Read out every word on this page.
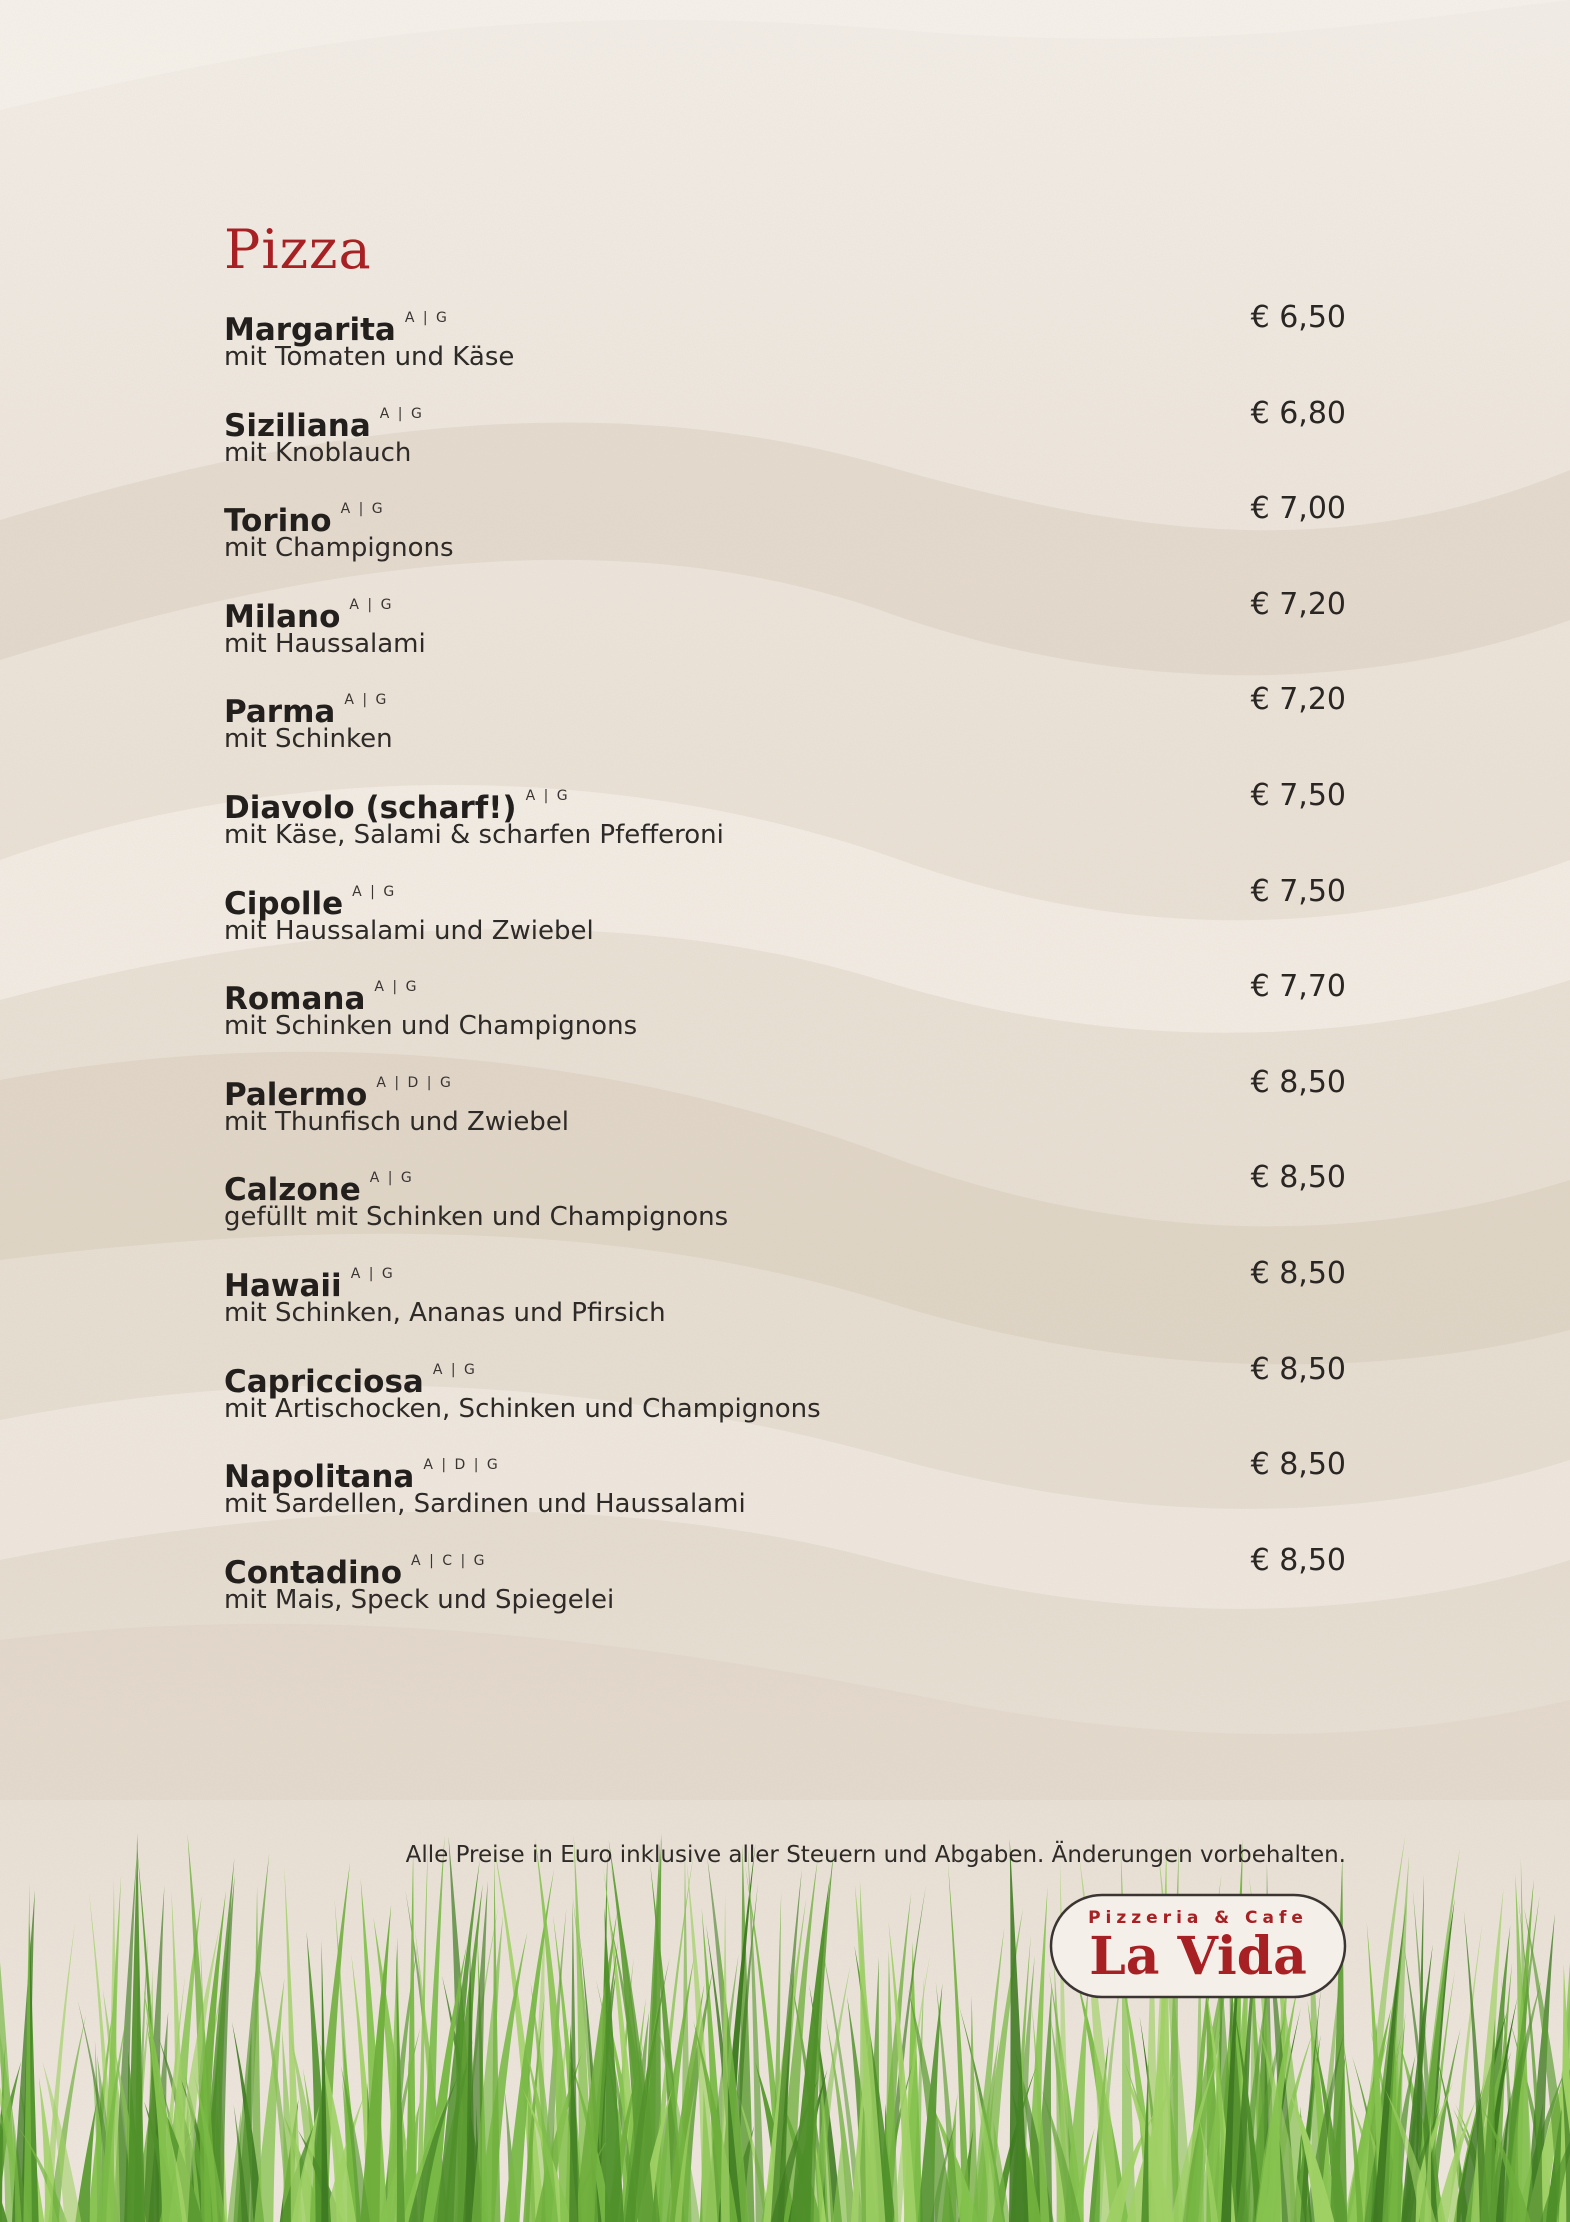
Pizza
Margarita $^{A | G}$
mit Tomaten und Käse
€ 6,50
Siziliana $^{A | G}$
mit Knoblauch
€ 6,80
Torino $^{A | G}$
mit Champignons
€ 7,00
Milano $^{A | G}$
mit Haussalami
€ 7,20
Parma $^{A | G}$
mit Schinken
€ 7,20
Diavolo (scharf!) $^{A | G}$
mit Käse, Salami & scharfen Pfefferoni
€ 7,50
Cipolle $^{A | G}$
mit Haussalami und Zwiebel
€ 7,50
Romana $^{A | G}$
mit Schinken und Champignons
€ 7,70
Palermo $^{A | D | G}$
mit Thunfisch und Zwiebel
€ 8,50
Calzone $^{A | G}$
gefüllt mit Schinken und Champignons
€ 8,50
Hawaii $^{A | G}$
mit Schinken, Ananas und Pfirsich
€ 8,50
Capricciosa $^{A | G}$
mit Artischocken, Schinken und Champignons
€ 8,50
Napolitana $^{A | D | G}$
mit Sardellen, Sardinen und Haussalami
€ 8,50
Contadino $^{A | C | G}$
mit Mais, Speck und Spiegelei
€ 8,50
Alle Preise in Euro inklusive aller Steuern und Abgaben. Änderungen vorbehalten.
Pizzeria & Cafe
La Vida
